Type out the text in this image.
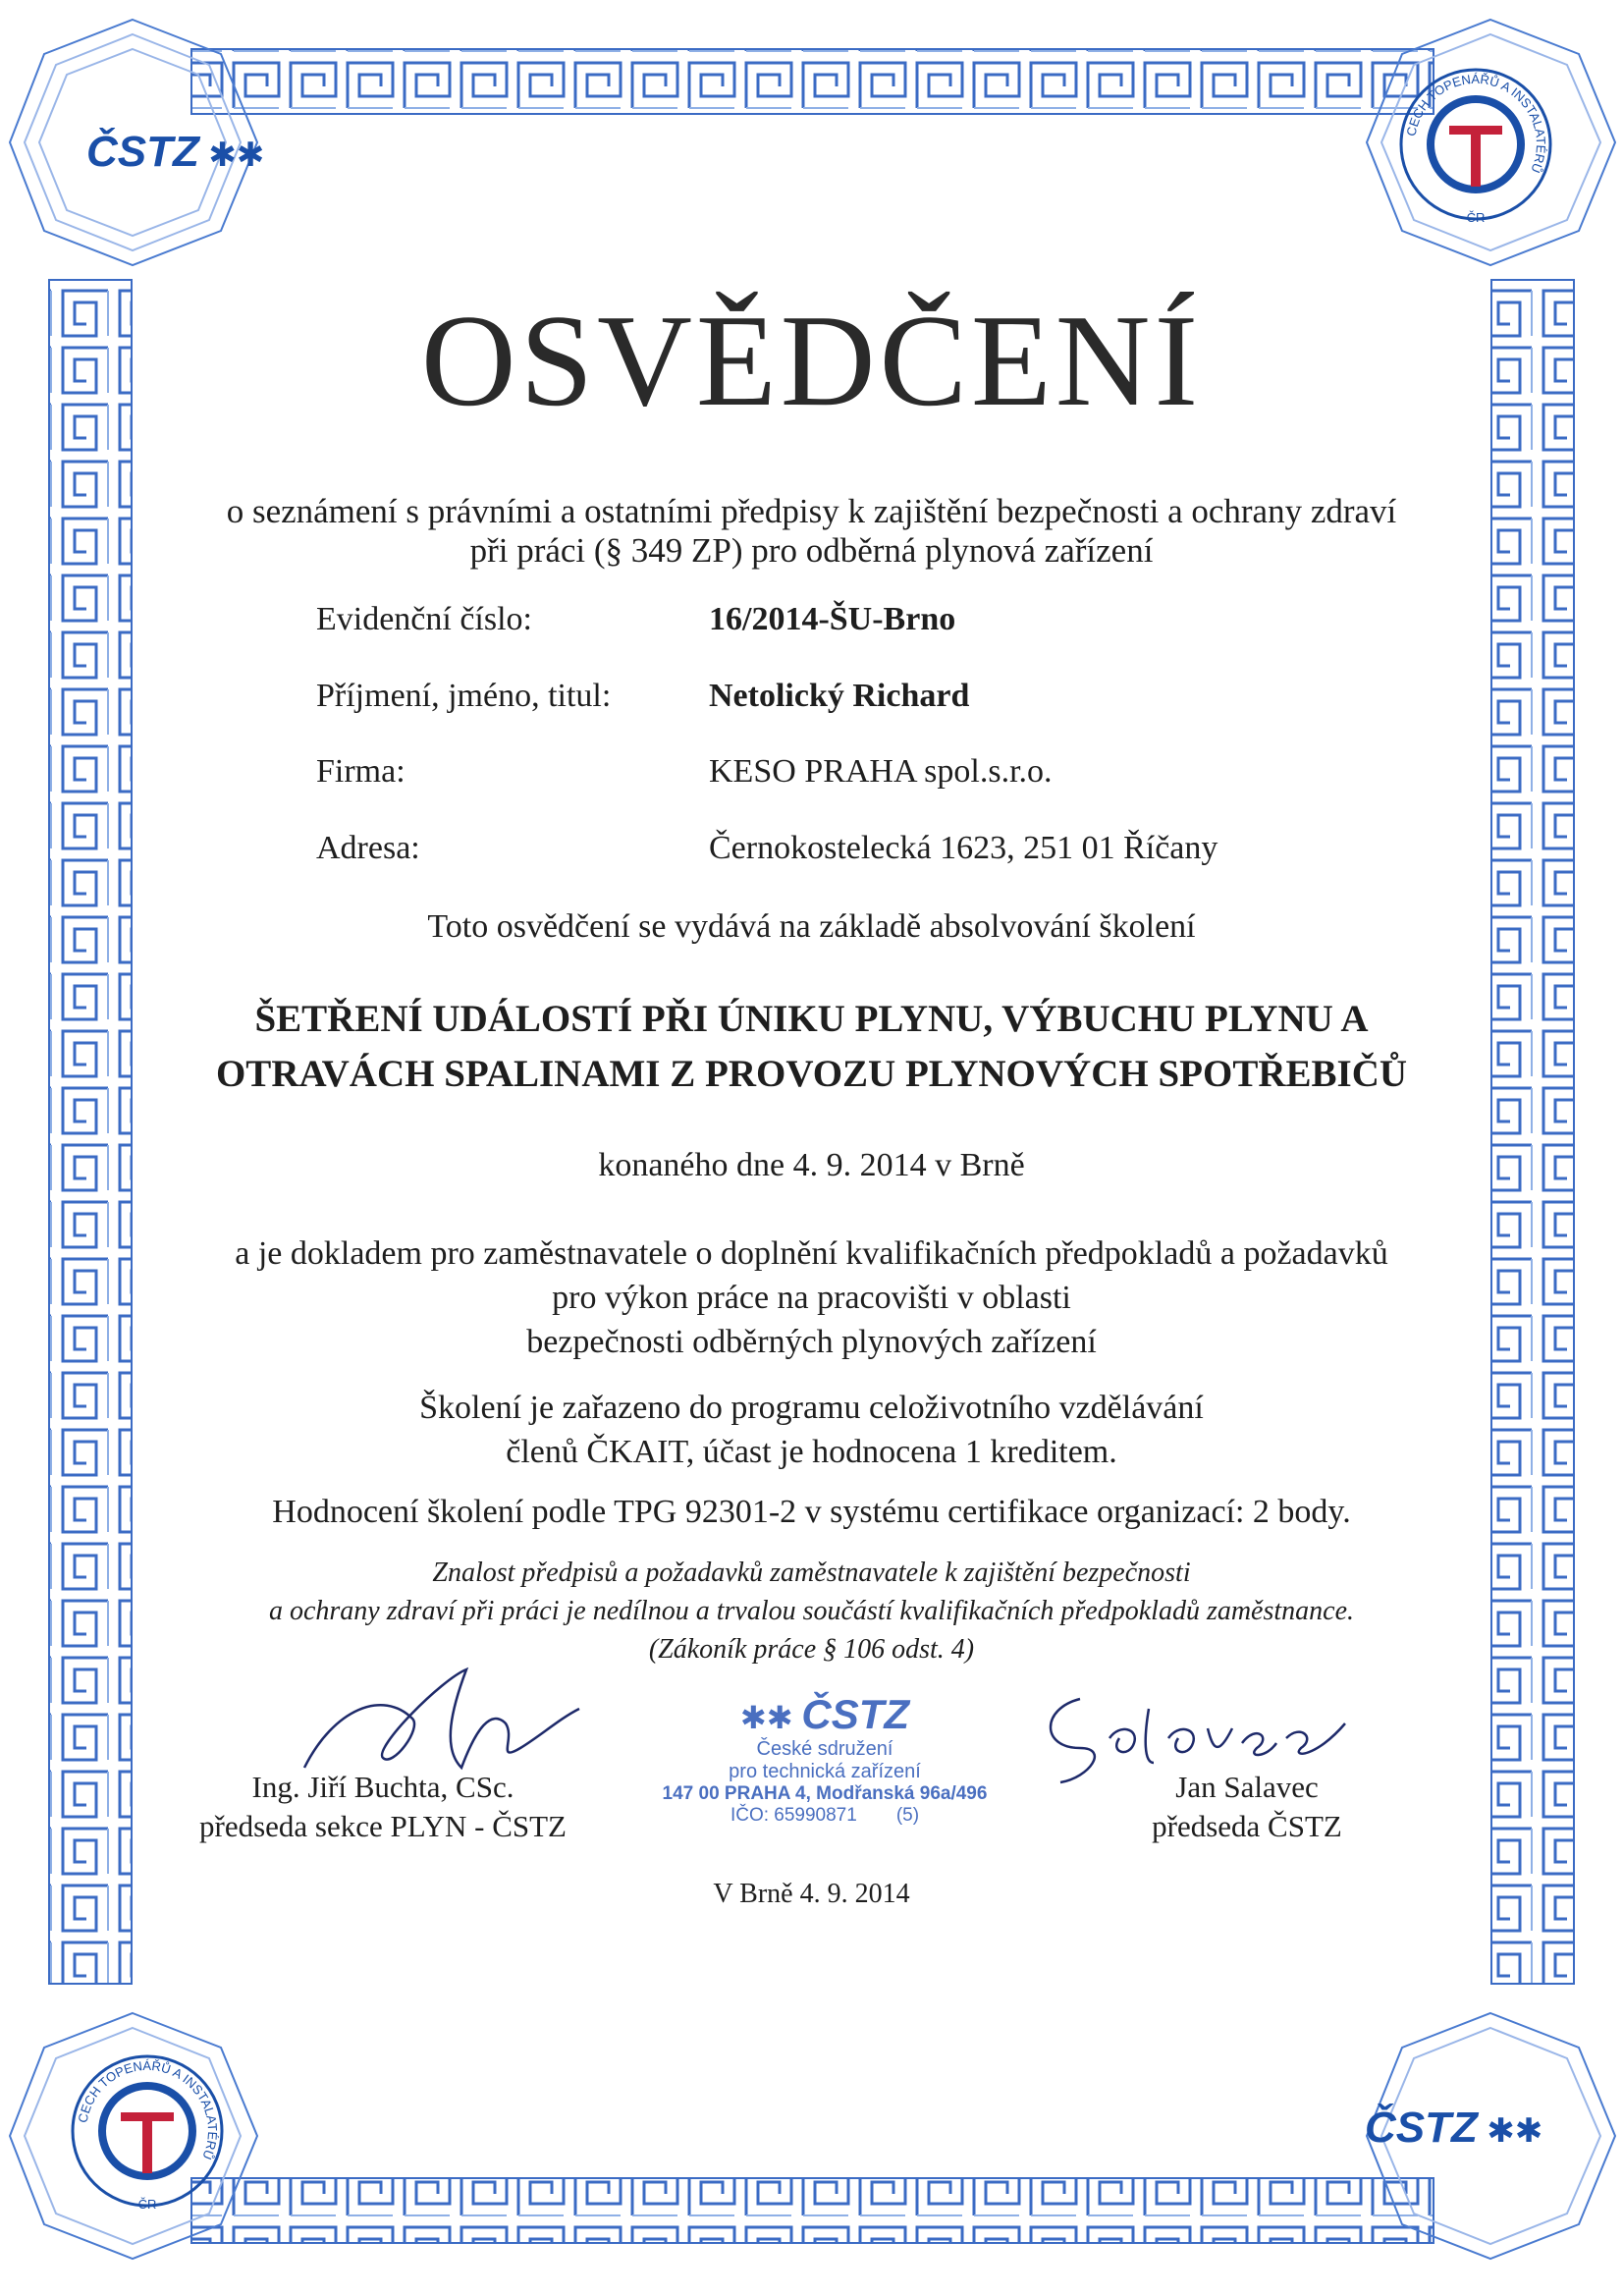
ČSTZ ✱✱
ČSTZ ✱✱
CECH TOPENÁŘŮ A INSTALATÉRŮ
ČR
CECH TOPENÁŘŮ A INSTALATÉRŮ
ČR
OSVĚDČENÍ
o seznámení s právními a ostatními předpisy k zajištění bezpečnosti a ochrany zdraví
při práci (§ 349 ZP) pro odběrná plynová zařízení
Evidenční číslo:	16/2014-ŠU-Brno
Příjmení, jméno, titul:	Netolický Richard
Firma:	KESO PRAHA spol.s.r.o.
Adresa:	Černokostelecká 1623, 251 01 Říčany
Toto osvědčení se vydává na základě absolvování školení
ŠETŘENÍ UDÁLOSTÍ PŘI ÚNIKU PLYNU, VÝBUCHU PLYNU A
OTRAVÁCH SPALINAMI Z PROVOZU PLYNOVÝCH SPOTŘEBIČŮ
konaného dne 4. 9. 2014 v Brně
a je dokladem pro zaměstnavatele o doplnění kvalifikačních předpokladů a požadavků
pro výkon práce na pracovišti v oblasti
bezpečnosti odběrných plynových zařízení
Školení je zařazeno do programu celoživotního vzdělávání
členů ČKAIT, účast je hodnocena 1 kreditem.
Hodnocení školení podle TPG 92301-2 v systému certifikace organizací: 2 body.
Znalost předpisů a požadavků zaměstnavatele k zajištění bezpečnosti
a ochrany zdraví při práci je nedílnou a trvalou součástí kvalifikačních předpokladů zaměstnance.
(Zákoník práce § 106 odst. 4)
Ing. Jiří Buchta, CSc.
předseda sekce PLYN - ČSTZ
Jan Salavec
předseda ČSTZ
✱✱ ČSTZ
České sdružení
pro technická zařízení
147 00 PRAHA 4, Modřanská 96a/496
IČO: 65990871 (5)
V Brně 4. 9. 2014
